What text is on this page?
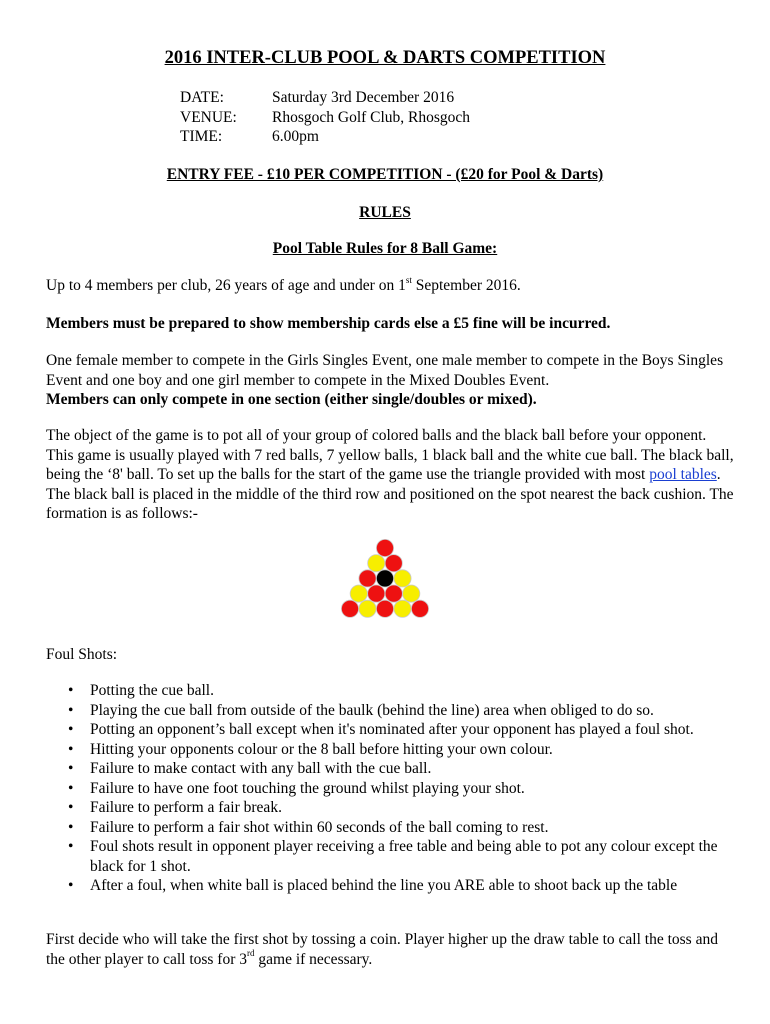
2016 INTER-CLUB POOL & DARTS COMPETITION
DATE:	Saturday 3rd December 2016
VENUE:	Rhosgoch Golf Club, Rhosgoch
TIME:	6.00pm
ENTRY FEE - £10 PER COMPETITION - (£20 for Pool & Darts)
RULES
Pool Table Rules for 8 Ball Game:
Up to 4 members per club, 26 years of age and under on 1st September 2016.
Members must be prepared to show membership cards else a £5 fine will be incurred.
One female member to compete in the Girls Singles Event, one male member to compete in the Boys Singles Event and one boy and one girl member to compete in the Mixed Doubles Event.
Members can only compete in one section (either single/doubles or mixed).
The object of the game is to pot all of your group of colored balls and the black ball before your opponent. This game is usually played with 7 red balls, 7 yellow balls, 1 black ball and the white cue ball. The black ball, being the ‘8' ball. To set up the balls for the start of the game use the triangle provided with most pool tables. The black ball is placed in the middle of the third row and positioned on the spot nearest the back cushion. The formation is as follows:-
Foul Shots:
• Potting the cue ball.
• Playing the cue ball from outside of the baulk (behind the line) area when obliged to do so.
• Potting an opponent’s ball except when it's nominated after your opponent has played a foul shot.
• Hitting your opponents colour or the 8 ball before hitting your own colour.
• Failure to make contact with any ball with the cue ball.
• Failure to have one foot touching the ground whilst playing your shot.
• Failure to perform a fair break.
• Failure to perform a fair shot within 60 seconds of the ball coming to rest.
• Foul shots result in opponent player receiving a free table and being able to pot any colour except the black for 1 shot.
• After a foul, when white ball is placed behind the line you ARE able to shoot back up the table
First decide who will take the first shot by tossing a coin. Player higher up the draw table to call the toss and the other player to call toss for 3rd game if necessary.
